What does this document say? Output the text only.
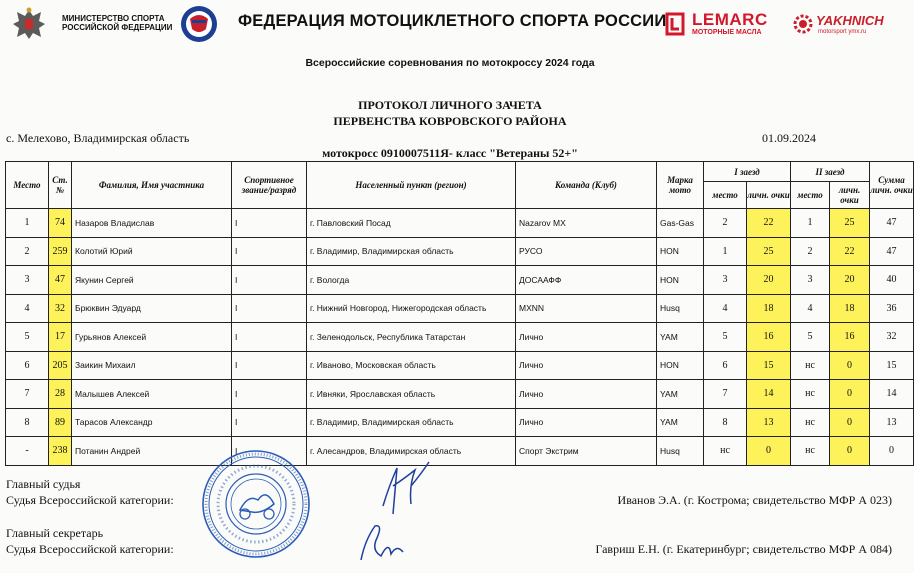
МИНИСТЕРСТВО СПОРТА
РОССИЙСКОЙ ФЕДЕРАЦИИ	ФЕДЕРАЦИЯ МОТОЦИКЛЕТНОГО СПОРТА РОССИИ LEMARC
МОТОРНЫЕ МАСЛА
YAKHNICH
motorsport ymx.ru
Всероссийские соревнования по мотокроссу 2024 года
ПРОТОКОЛ ЛИЧНОГО ЗАЧЕТА
ПЕРВЕНСТВА КОВРОВСКОГО РАЙОНА
с. Мелехово, Владимирская область	01.09.2024
мотокросс 0910007511Я- класс "Ветераны 52+"
Место	Ст. №	Фамилия, Имя участника	Спортивное звание/разряд	Населенный пункт (регион)	Команда (Клуб)	Марка мото	I заезд		II заезд		Сумма личн. очки
							место	личн. очки	место	личн. очки	
1	74	Назаров Владислав	I	г. Павловский Посад	Nazarov MX	Gas-Gas	2	22	1	25	47
2	259	Колотий Юрий	I	г. Владимир, Владимирская область	РУСО	HON	1	25	2	22	47
3	47	Якунин Сергей	I	г. Вологда	ДОСААФФ	HON	3	20	3	20	40
4	32	Брюквин Эдуард	I	г. Нижний Новгород, Нижегородская область	MXNN	Husq	4	18	4	18	36
5	17	Гурьянов Алексей	I	г. Зеленодольск, Республика Татарстан	Лично	YAM	5	16	5	16	32
6	205	Заикин Михаил	I	г. Иваново, Московская область	Лично	HON	6	15	нс	0	15
7	28	Малышев Алексей	I	г. Ивняки, Ярославская область	Лично	YAM	7	14	нс	0	14
8	89	Тарасов Александр	I	г. Владимир, Владимирская область	Лично	YAM	8	13	нс	0	13
-	238	Потанин Андрей	I	г. Алесандров, Владимирская область	Спорт Экстрим	Husq	нс	0	нс	0	0
Главный судья
Судья Всероссийской категории:	Иванов Э.А. (г. Кострома; свидетельство МФР А 023)
Главный секретарь
Судья Всероссийской категории:	Гавриш Е.Н. (г. Екатеринбург; свидетельство МФР А 084)
